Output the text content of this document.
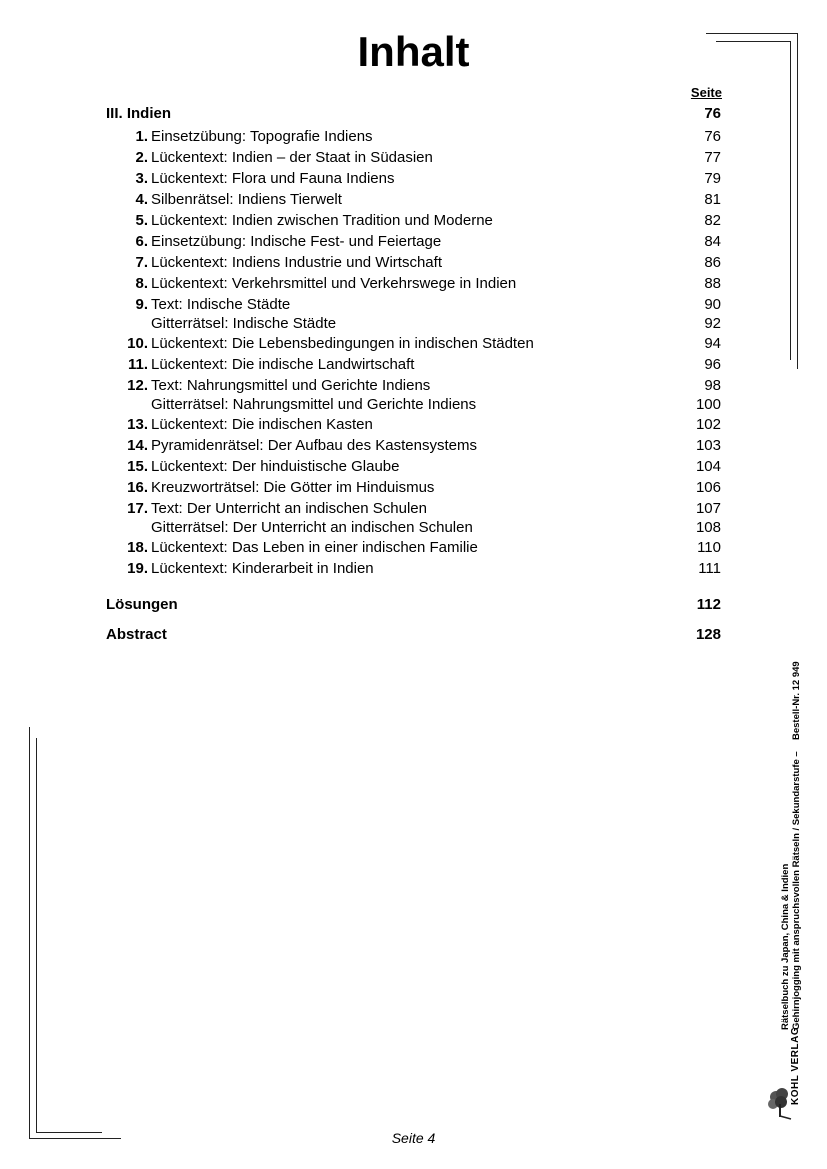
Inhalt
Seite
III. Indien	76
1. Einsetzübung: Topografie Indiens	76
2. Lückentext: Indien – der Staat in Südasien	77
3. Lückentext: Flora und Fauna Indiens	79
4. Silbenrätsel: Indiens Tierwelt	81
5. Lückentext: Indien zwischen Tradition und Moderne	82
6. Einsetzübung: Indische Fest- und Feiertage	84
7. Lückentext: Indiens Industrie und Wirtschaft	86
8. Lückentext: Verkehrsmittel und Verkehrswege in Indien	88
9. Text: Indische Städte	90
Gitterrätsel: Indische Städte	92
10. Lückentext: Die Lebensbedingungen in indischen Städten	94
11. Lückentext: Die indische Landwirtschaft	96
12. Text: Nahrungsmittel und Gerichte Indiens	98
Gitterrätsel: Nahrungsmittel und Gerichte Indiens	100
13. Lückentext: Die indischen Kasten	102
14. Pyramidenrätsel: Der Aufbau des Kastensystems	103
15. Lückentext: Der hinduistische Glaube	104
16. Kreuzworträtsel: Die Götter im Hinduismus	106
17. Text: Der Unterricht an indischen Schulen	107
Gitterrätsel: Der Unterricht an indischen Schulen	108
18. Lückentext: Das Leben in einer indischen Familie	110
19. Lückentext: Kinderarbeit in Indien	111
Lösungen	112
Abstract	128
Rätselbuch zu Japan, China & Indien Gehirnjogging mit anspruchsvollen Rätseln / Sekundarstufe –
Bestell-Nr. 12 949
KOHL VERLAG
Seite 4
